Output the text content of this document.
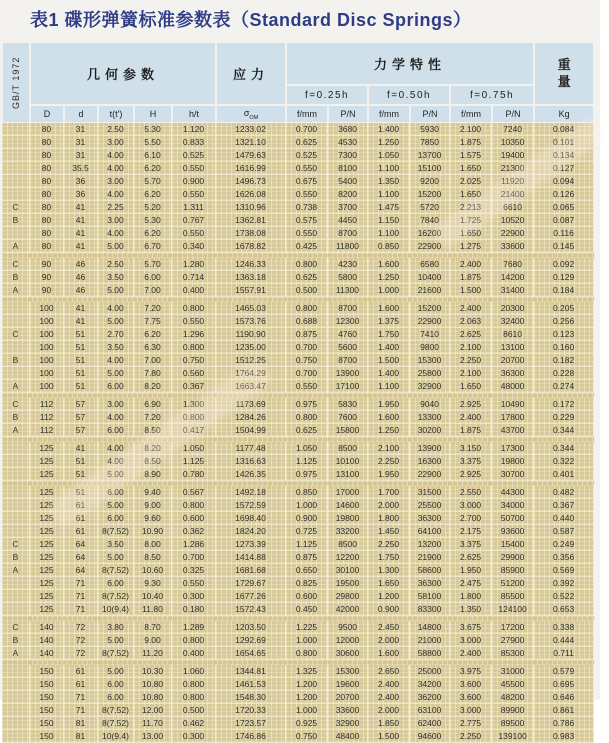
表1 碟形弹簧标准参数表（Standard Disc Springs）
GB/T 1972	几何参数					应力	力学特性						重
量
							f=0.25h		f=0.50h		f=0.75h		
	D	d	t(t′)	H	h/t	$\sigma_{OM}$	f/mm	P/N	f/mm	P/N	f/mm	P/N	Kg
	80	31	2.50	5.30	1.120	1233.02	0.700	3680	1.400	5930	2.100	7240	0.084
	80	31	3.00	5.50	0.833	1321.10	0.625	4530	1.250	7850	1.875	10350	0.101
	80	31	4.00	6.10	0.525	1479.63	0.525	7300	1.050	13700	1.575	19400	0.134
	80	35.5	4.00	6.20	0.550	1616.99	0.550	8100	1.100	15100	1.650	21300	0.127
	80	36	3.00	5.70	0.900	1496.73	0.675	5400	1.350	9200	2.025	11920	0.094
	80	36	4.00	6.20	0.550	1626.08	0.550	8200	1.100	15200	1.650	21400	0.126
C	80	41	2.25	5.20	1.311	1310.96	0.738	3700	1.475	5720	2.213	6610	0.065
B	80	41	3.00	5.30	0.767	1362.81	0.575	4450	1.150	7840	1.725	10520	0.087
	80	41	4.00	6.20	0.550	1738.08	0.550	8700	1.100	16200	1.650	22900	0.116
A	80	41	5.00	6.70	0.340	1678.82	0.425	11800	0.850	22900	1.275	33600	0.145

C	90	46	2.50	5.70	1.280	1246.33	0.800	4230	1.600	6580	2.400	7680	0.092
B	90	46	3.50	6.00	0.714	1363.18	0.625	5800	1.250	10400	1.875	14200	0.129
A	90	46	5.00	7.00	0.400	1557.91	0.500	11300	1.000	21600	1.500	31400	0.184

	100	41	4.00	7.20	0.800	1465.03	0.800	8700	1.600	15200	2.400	20300	0.205
	100	41	5.00	7.75	0.550	1573.76	0.688	12300	1.375	22900	2.063	32400	0.256
C	100	51	2.70	6.20	1.296	1190.90	0.875	4760	1.750	7410	2.625	8610	0.123
	100	51	3.50	6.30	0.800	1235.00	0.700	5600	1.400	9800	2.100	13100	0.160
B	100	51	4.00	7.00	0.750	1512.25	0.750	8700	1.500	15300	2.250	20700	0.182
	100	51	5.00	7.80	0.560	1764.29	0.700	13900	1.400	25800	2.100	36300	0.228
A	100	51	6.00	8.20	0.367	1663.47	0.550	17100	1.100	32900	1.650	48000	0.274

C	112	57	3.00	6.90	1.300	1173.69	0.975	5830	1.950	9040	2.925	10490	0.172
B	112	57	4.00	7.20	0.800	1284.26	0.800	7600	1.600	13300	2.400	17800	0.229
A	112	57	6.00	8.50	0.417	1504.99	0.625	15800	1.250	30200	1.875	43700	0.344

	125	41	4.00	8.20	1.050	1177.48	1.050	8500	2.100	13900	3.150	17300	0.344
	125	51	4.00	8.50	1.125	1316.63	1.125	10100	2.250	16300	3.375	19800	0.322
	125	51	5.00	8.90	0.780	1426.35	0.975	13100	1.950	22900	2.925	30700	0.401

	125	51	6.00	9.40	0.567	1492.18	0.850	17000	1.700	31500	2.550	44300	0.482
	125	61	5.00	9.00	0.800	1572.59	1.000	14600	2.000	25500	3.000	34000	0.367
	125	61	6.00	9.60	0.600	1698.40	0.900	19800	1.800	36300	2.700	50700	0.440
	125	61	8(7.52)	10.90	0.362	1824.20	0.725	33200	1.450	64100	2.175	93600	0.587
C	125	64	3.50	8.00	1.286	1273.39	1.125	8500	2.250	13200	3.375	15400	0.249
B	125	64	5.00	8.50	0.700	1414.88	0.875	12200	1.750	21900	2.625	29900	0.356
A	125	64	8(7.52)	10.60	0.325	1681.68	0.650	30100	1.300	58600	1.950	85900	0.569
	125	71	6.00	9.30	0.550	1729.67	0.825	19500	1.650	36300	2.475	51200	0.392
	125	71	8(7.52)	10.40	0.300	1677.26	0.600	29800	1.200	58100	1.800	85500	0.522
	125	71	10(9.4)	11.80	0.180	1572.43	0.450	42000	0.900	83300	1.350	124100	0.653

C	140	72	3.80	8.70	1.289	1203.50	1.225	9500	2.450	14800	3.675	17200	0.338
B	140	72	5.00	9.00	0.800	1292.69	1.000	12000	2.000	21000	3.000	27900	0.444
A	140	72	8(7.52)	11.20	0.400	1654.65	0.800	30600	1.600	58800	2.400	85300	0.711

	150	61	5.00	10.30	1.060	1344.81	1.325	15300	2.650	25000	3.975	31000	0.579
	150	61	6.00	10.80	0.800	1461.53	1.200	19600	2.400	34200	3.600	45500	0.695
	150	71	6.00	10.80	0.800	1548.30	1.200	20700	2.400	36200	3.600	48200	0.646
	150	71	8(7.52)	12.00	0.500	1720.33	1.000	33600	2.000	63100	3.000	89900	0.861
	150	81	8(7.52)	11.70	0.462	1723.57	0.925	32900	1.850	62400	2.775	89500	0.786
	150	81	10(9.4)	13.00	0.300	1746.86	0.750	48400	1.500	94600	2.250	139100	0.983
